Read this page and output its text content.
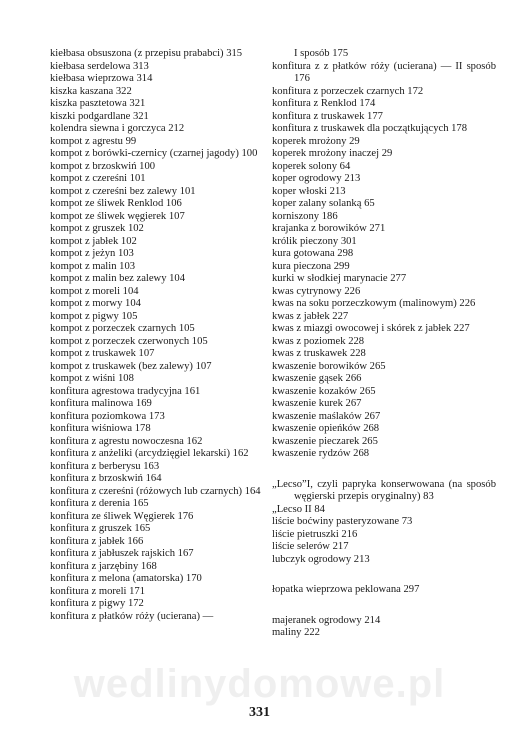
wedlinydomowe.pl

kiełbasa obsuszona (z przepisu prababci) 315

kiełbasa serdelowa 313

kiełbasa wieprzowa 314

kiszka kaszana 322

kiszka pasztetowa 321

kiszki podgardlane 321

kolendra siewna i gorczyca 212

kompot z agrestu 99

kompot z borówki-czernicy (czarnej jagody) 100

kompot z brzoskwiń 100

kompot z czereśni 101

kompot z czereśni bez zalewy 101

kompot ze śliwek Renklod 106

kompot ze śliwek węgierek 107

kompot z gruszek 102

kompot z jabłek 102

kompot z jeżyn 103

kompot z malin 103

kompot z malin bez zalewy 104

kompot z moreli 104

kompot z morwy 104

kompot z pigwy 105

kompot z porzeczek czarnych 105

kompot z porzeczek czerwonych 105

kompot z truskawek 107

kompot z truskawek (bez zalewy) 107

kompot z wiśni 108

konfitura agrestowa tradycyjna 161

konfitura malinowa 169

konfitura poziomkowa 173

konfitura wiśniowa 178

konfitura z agrestu nowoczesna 162

konfitura z anżeliki (arcydzięgiel lekarski) 162

konfitura z berberysu 163

konfitura z brzoskwiń 164

konfitura z czereśni (różowych lub czarnych) 164

konfitura z derenia 165

konfitura ze śliwek Węgierek 176

konfitura z gruszek 165

konfitura z jabłek 166

konfitura z jabłuszek rajskich 167

konfitura z jarzębiny 168

konfitura z melona (amatorska) 170

konfitura z moreli 171

konfitura z pigwy 172

konfitura z płatków róży (ucierana) —

I sposób 175

konfitura z z płatków róży (ucierana) — II sposób 176

konfitura z porzeczek czarnych 172

konfitura z Renklod 174

konfitura z truskawek 177

konfitura z truskawek dla początkujących 178

koperek mrożony 29

koperek mrożony inaczej 29

koperek solony 64

koper ogrodowy 213

koper włoski 213

koper zalany solanką 65

korniszony 186

krajanka z borowików 271

królik pieczony 301

kura gotowana 298

kura pieczona 299

kurki w słodkiej marynacie 277

kwas cytrynowy 226

kwas na soku porzeczkowym (malinowym) 226

kwas z jabłek 227

kwas z miazgi owocowej i skórek z jabłek 227

kwas z poziomek 228

kwas z truskawek 228

kwaszenie borowików 265

kwaszenie gąsek 266

kwaszenie kozaków 265

kwaszenie kurek 267

kwaszenie maślaków 267

kwaszenie opieńków 268

kwaszenie pieczarek 265

kwaszenie rydzów 268

„Lecso”I, czyli papryka konserwowana (na sposób węgierski przepis oryginalny) 83

„Lecso II 84

liście boćwiny pasteryzowane 73

liście pietruszki 216

liście selerów 217

lubczyk ogrodowy 213

łopatka wieprzowa peklowana 297

majeranek ogrodowy 214

maliny 222

331
